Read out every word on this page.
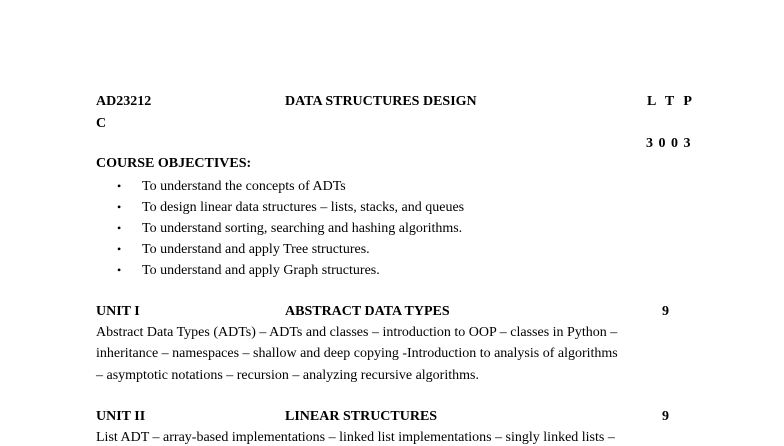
AD23212	DATA STRUCTURES DESIGN	L T P
C
3 0 0 3
COURSE OBJECTIVES:
• To understand the concepts of ADTs
• To design linear data structures – lists, stacks, and queues
• To understand sorting, searching and hashing algorithms.
• To understand and apply Tree structures.
• To understand and apply Graph structures.
UNIT I	ABSTRACT DATA TYPES	9
Abstract Data Types (ADTs) – ADTs and classes – introduction to OOP – classes in Python –
inheritance – namespaces – shallow and deep copying -Introduction to analysis of algorithms
– asymptotic notations – recursion – analyzing recursive algorithms.
UNIT II	LINEAR STRUCTURES	9
List ADT – array-based implementations – linked list implementations – singly linked lists –
